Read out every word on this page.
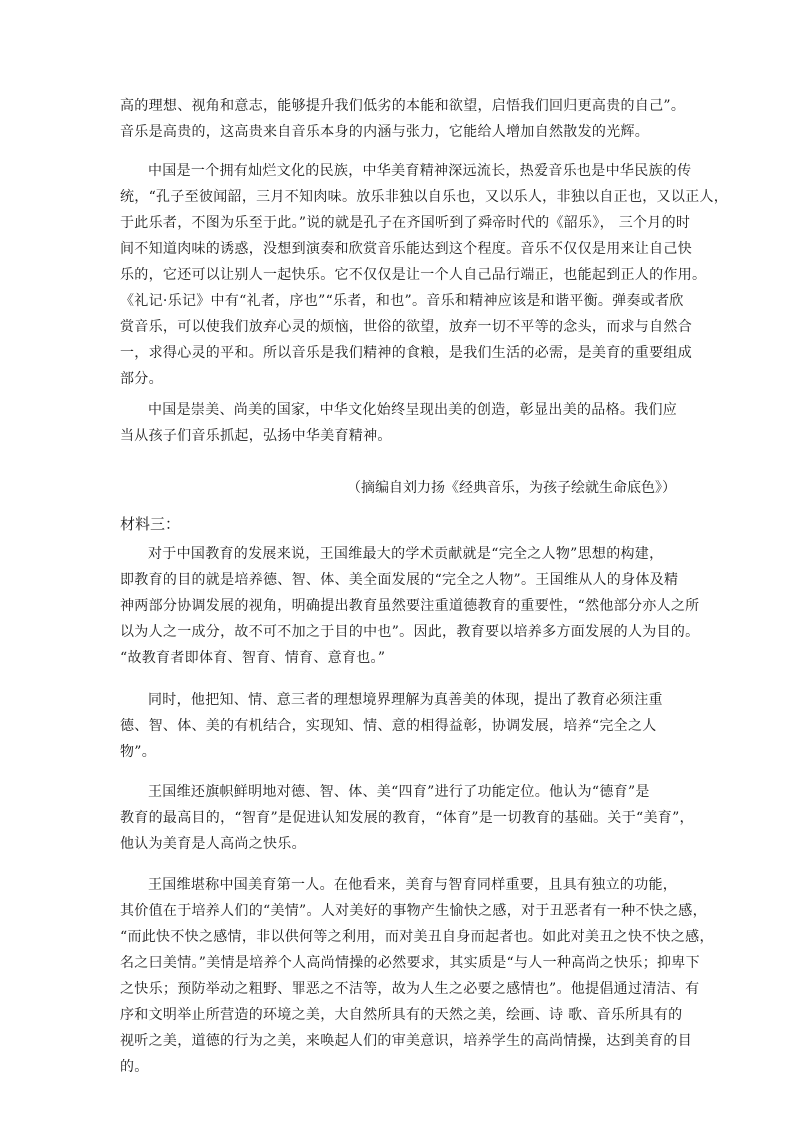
高的理想、视角和意志，能够提升我们低劣的本能和欲望，启悟我们回归更高贵的自己”。
音乐是高贵的，这高贵来自音乐本身的内涵与张力，它能给人增加自然散发的光辉。
中国是一个拥有灿烂文化的民族，中华美育精神深远流长，热爱音乐也是中华民族的传
统，“孔子至彼闻韶，三月不知肉味。放乐非独以自乐也，又以乐人，非独以自正也，又以正人，
于此乐者，不图为乐至于此。”说的就是孔子在齐国听到了舜帝时代的《韶乐》， 三个月的时
间不知道肉味的诱惑，没想到演奏和欣赏音乐能达到这个程度。音乐不仅仅是用来让自己快
乐的，它还可以让别人一起快乐。它不仅仅是让一个人自己品行端正，也能起到正人的作用。
《礼记·乐记》中有“礼者，序也”“乐者，和也”。音乐和精神应该是和谐平衡。弹奏或者欣
赏音乐，可以使我们放弃心灵的烦恼，世俗的欲望，放弃一切不平等的念头，而求与自然合
一，求得心灵的平和。所以音乐是我们精神的食粮，是我们生活的必需，是美育的重要组成
部分。
中国是崇美、尚美的国家，中华文化始终呈现出美的创造，彰显出美的品格。我们应
当从孩子们音乐抓起，弘扬中华美育精神。

（摘编自刘力扬《经典音乐，为孩子绘就生命底色》）

材料三：

对于中国教育的发展来说，王国维最大的学术贡献就是“完全之人物”思想的构建，
即教育的目的就是培养德、智、体、美全面发展的“完全之人物”。王国维从人的身体及精
神两部分协调发展的视角，明确提出教育虽然要注重道德教育的重要性，“然他部分亦人之所
以为人之一成分，故不可不加之于目的中也”。因此，教育要以培养多方面发展的人为目的。
“故教育者即体育、智育、情育、意育也。”
同时，他把知、情、意三者的理想境界理解为真善美的体现，提出了教育必须注重
德、智、体、美的有机结合，实现知、情、意的相得益彰，协调发展，培养“完全之人
物”。
王国维还旗帜鲜明地对德、智、体、美“四育”进行了功能定位。他认为“德育”是
教育的最高目的，“智育”是促进认知发展的教育，“体育”是一切教育的基础。关于“美育”，
他认为美育是人高尚之快乐。
王国维堪称中国美育第一人。在他看来，美育与智育同样重要，且具有独立的功能，
其价值在于培养人们的“美情”。人对美好的事物产生愉快之感，对于丑恶者有一种不快之感，
“而此快不快之感情，非以供何等之利用，而对美丑自身而起者也。如此对美丑之快不快之感，
名之曰美情。”美情是培养个人高尚情操的必然要求，其实质是“与人一种高尚之快乐；抑卑下
之快乐；预防举动之粗野、罪恶之不洁等，故为人生之必要之感情也”。他提倡通过清洁、有
序和文明举止所营造的环境之美，大自然所具有的天然之美，绘画、诗 歌、音乐所具有的
视听之美，道德的行为之美，来唤起人们的审美意识，培养学生的高尚情操，达到美育的目
的。
